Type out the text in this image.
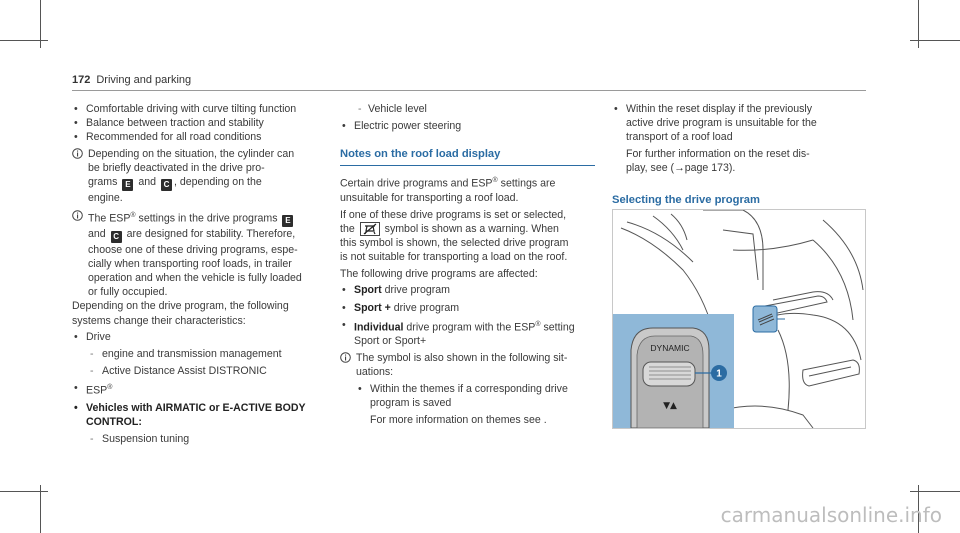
172 Driving and parking
• Comfortable driving with curve tilting function
• Balance between traction and stability
• Recommended for all road conditions
Depending on the situation, the cylinder can
be briefly deactivated in the drive pro-
grams E and C , depending on the
engine.
The ESP® settings in the drive programs E
and C are designed for stability. Therefore,
choose one of these driving programs, espe-
cially when transporting roof loads, in trailer
operation and when the vehicle is fully loaded
or fully occupied.
Depending on the drive program, the following
systems change their characteristics:
• Drive
- engine and transmission management
- Active Distance Assist DISTRONIC
• ESP®
• Vehicles with AIRMATIC or E-ACTIVE BODY
CONTROL:
- Suspension tuning
- Vehicle level
• Electric power steering
Notes on the roof load display
Certain drive programs and ESP® settings are
unsuitable for transporting a roof load.
If one of these drive programs is set or selected,
the	symbol is shown as a warning. When
this symbol is shown, the selected drive program
is not suitable for transporting a load on the roof.
The following drive programs are affected:
• Sport drive program
• Sport + drive program
• Individual drive program with the ESP® setting
Sport or Sport+
The symbol is also shown in the following sit-
uations:
• Within the themes if a corresponding drive
program is saved
For more information on themes see .
• Within the reset display if the previously
active drive program is unsuitable for the
transport of a roof load
For further information on the reset dis-
play, see (→page 173).
Selecting the drive program
1
DYNAMIC
▼▲
carmanualsonline.info
